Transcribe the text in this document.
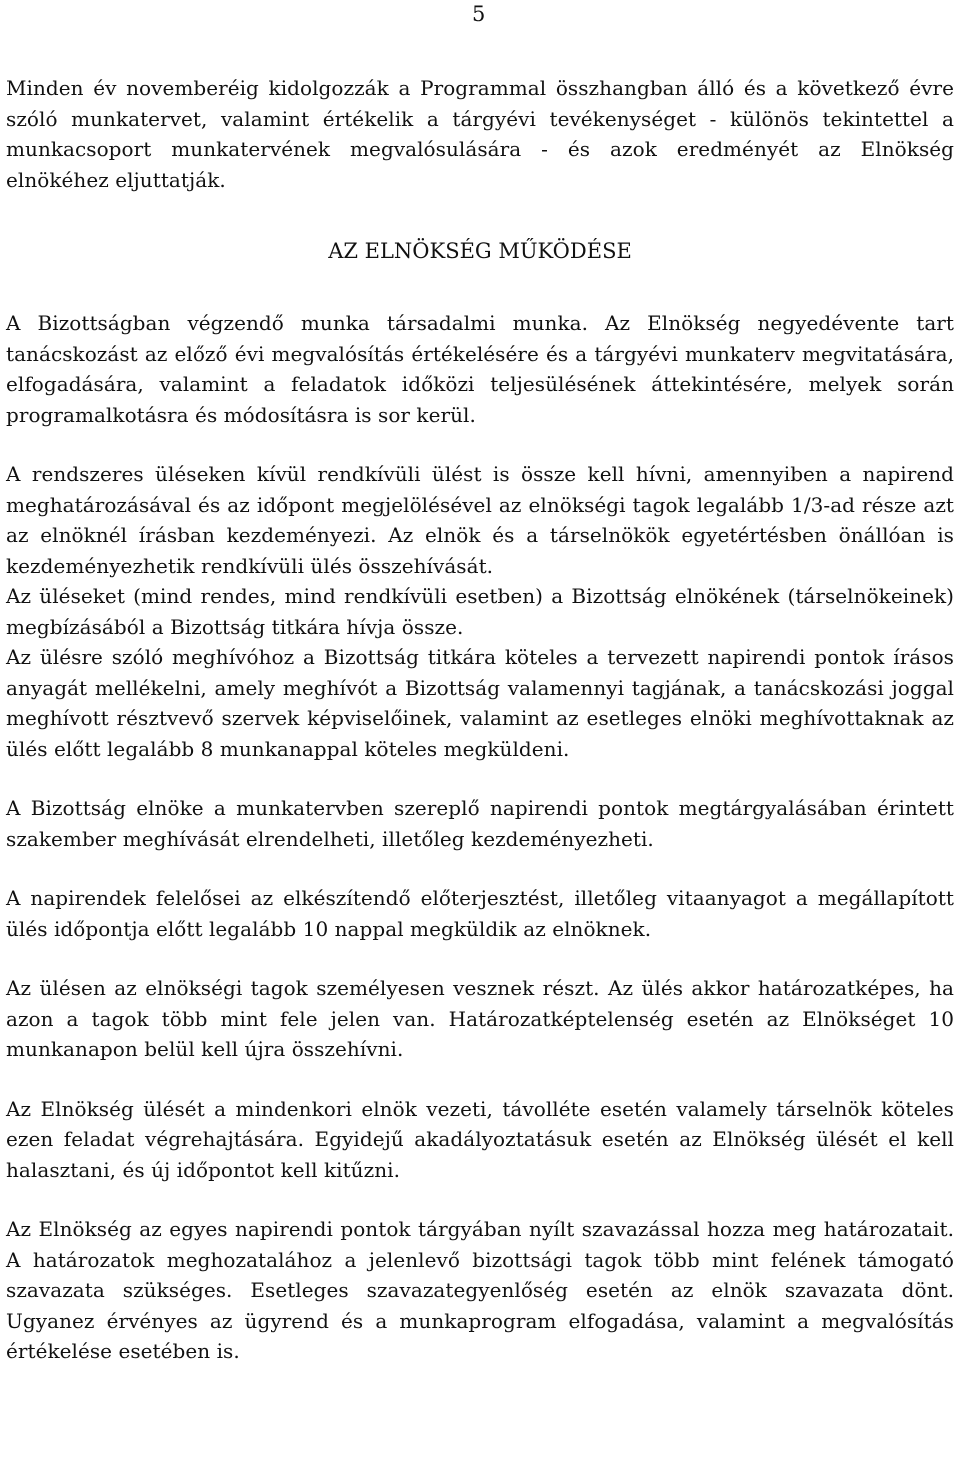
5

Minden év novemberéig kidolgozzák a Programmal összhangban álló és a következő évre szóló munkatervet, valamint értékelik a tárgyévi tevékenységet - különös tekintettel a munkacsoport munkatervének megvalósulására - és azok eredményét az Elnökség elnökéhez eljuttatják.

AZ ELNÖKSÉG MŰKÖDÉSE

A Bizottságban végzendő munka társadalmi munka. Az Elnökség negyedévente tart tanácskozást az előző évi megvalósítás értékelésére és a tárgyévi munkaterv megvitatására, elfogadására, valamint a feladatok időközi teljesülésének áttekintésére, melyek során programalkotásra és módosításra is sor kerül.

A rendszeres üléseken kívül rendkívüli ülést is össze kell hívni, amennyiben a napirend meghatározásával és az időpont megjelölésével az elnökségi tagok legalább 1/3-ad része azt az elnöknél írásban kezdeményezi. Az elnök és a társelnökök egyetértésben önállóan is kezdeményezhetik rendkívüli ülés összehívását.

Az üléseket (mind rendes, mind rendkívüli esetben) a Bizottság elnökének (társelnökeinek) megbízásából a Bizottság titkára hívja össze.

Az ülésre szóló meghívóhoz a Bizottság titkára köteles a tervezett napirendi pontok írásos anyagát mellékelni, amely meghívót a Bizottság valamennyi tagjának, a tanácskozási joggal meghívott résztvevő szervek képviselőinek, valamint az esetleges elnöki meghívottaknak az ülés előtt legalább 8 munkanappal köteles megküldeni.

A Bizottság elnöke a munkatervben szereplő napirendi pontok megtárgyalásában érintett szakember meghívását elrendelheti, illetőleg kezdeményezheti.

A napirendek felelősei az elkészítendő előterjesztést, illetőleg vitaanyagot a megállapított ülés időpontja előtt legalább 10 nappal megküldik az elnöknek.

Az ülésen az elnökségi tagok személyesen vesznek részt. Az ülés akkor határozatképes, ha azon a tagok több mint fele jelen van. Határozatképtelenség esetén az Elnökséget 10 munkanapon belül kell újra összehívni.

Az Elnökség ülését a mindenkori elnök vezeti, távolléte esetén valamely társelnök köteles ezen feladat végrehajtására. Egyidejű akadályoztatásuk esetén az Elnökség ülését el kell halasztani, és új időpontot kell kitűzni.

Az Elnökség az egyes napirendi pontok tárgyában nyílt szavazással hozza meg határozatait. A határozatok meghozatalához a jelenlevő bizottsági tagok több mint felének támogató szavazata szükséges. Esetleges szavazategyenlőség esetén az elnök szavazata dönt. Ugyanez érvényes az ügyrend és a munkaprogram elfogadása, valamint a megvalósítás értékelése esetében is.
